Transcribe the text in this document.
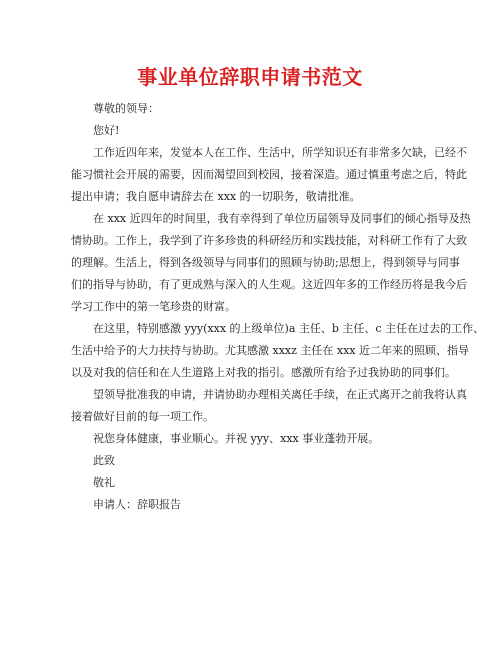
事业单位辞职申请书范文

尊敬的领导：

您好!

工作近四年来，发觉本人在工作、生活中，所学知识还有非常多欠缺，已经不
能习惯社会开展的需要，因而渴望回到校园，接着深造。通过慎重考虑之后，特此
提出申请；我自愿申请辞去在 xxx 的一切职务，敬请批准。

在 xxx 近四年的时间里，我有幸得到了单位历届领导及同事们的倾心指导及热
情协助。工作上，我学到了许多珍贵的科研经历和实践技能，对科研工作有了大致
的理解。生活上，得到各级领导与同事们的照顾与协助;思想上，得到领导与同事
们的指导与协助，有了更成熟与深入的人生观。这近四年多的工作经历将是我今后
学习工作中的第一笔珍贵的财富。

在这里，特别感激 yyy(xxx 的上级单位)a 主任、b 主任、c 主任在过去的工作、
生活中给予的大力扶持与协助。尤其感激 xxxz 主任在 xxx 近二年来的照顾、指导
以及对我的信任和在人生道路上对我的指引。感激所有给予过我协助的同事们。

望领导批准我的申请，并请协助办理相关离任手续，在正式离开之前我将认真
接着做好目前的每一项工作。

祝您身体健康，事业顺心。并祝 yyy、xxx 事业蓬勃开展。

此致

敬礼

申请人：辞职报告
